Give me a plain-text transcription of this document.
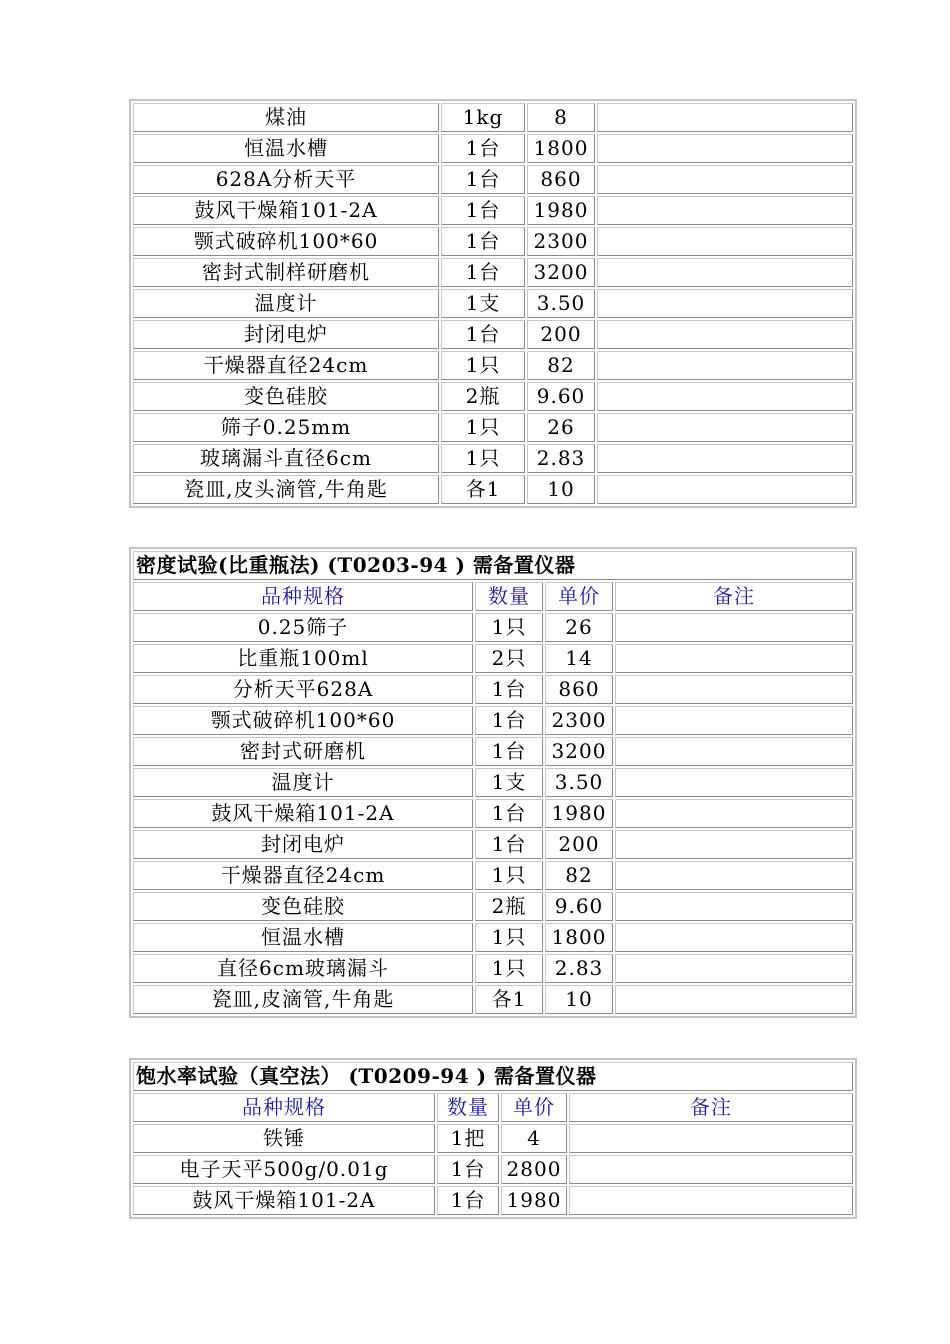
煤油	1kg	8	
恒温水槽	1台	1800	
628A分析天平	1台	860	
鼓风干燥箱101-2A	1台	1980	
颚式破碎机100*60	1台	2300	
密封式制样研磨机	1台	3200	
温度计	1支	3.50	
封闭电炉	1台	200	
干燥器直径24cm	1只	82	
变色硅胶	2瓶	9.60	
筛子0.25mm	1只	26	
玻璃漏斗直径6cm	1只	2.83	
瓷皿,皮头滴管,牛角匙	各1	10	
密度试验(比重瓶法) (T0203-94 ) 需备置仪器			
品种规格	数量	单价	备注
0.25筛子	1只	26	
比重瓶100ml	2只	14	
分析天平628A	1台	860	
颚式破碎机100*60	1台	2300	
密封式研磨机	1台	3200	
温度计	1支	3.50	
鼓风干燥箱101-2A	1台	1980	
封闭电炉	1台	200	
干燥器直径24cm	1只	82	
变色硅胶	2瓶	9.60	
恒温水槽	1只	1800	
直径6cm玻璃漏斗	1只	2.83	
瓷皿,皮滴管,牛角匙	各1	10	
饱水率试验（真空法） (T0209-94 ) 需备置仪器			
品种规格	数量	单价	备注
铁锤	1把	4	
电子天平500g/0.01g	1台	2800	
鼓风干燥箱101-2A	1台	1980	
